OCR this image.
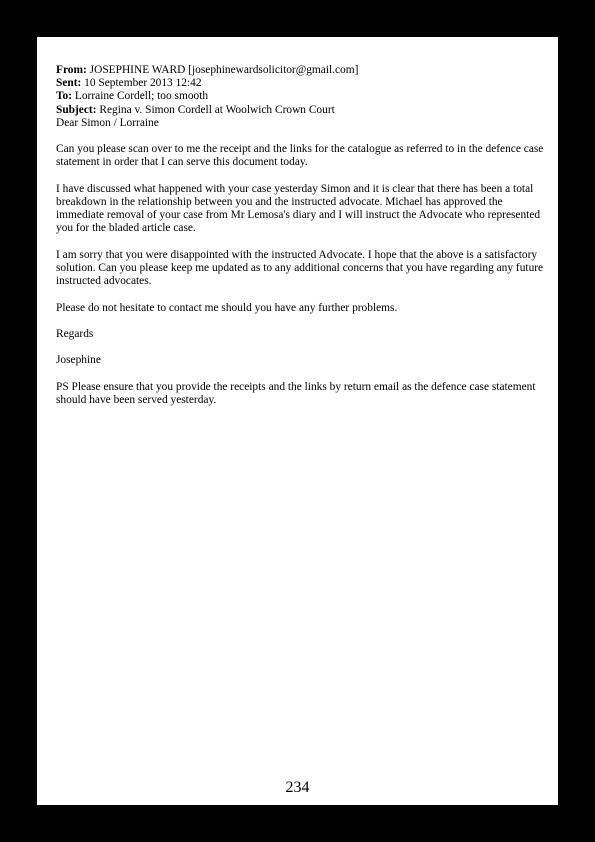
From: JOSEPHINE WARD [josephinewardsolicitor@gmail.com]
Sent: 10 September 2013 12:42
To: Lorraine Cordell; too smooth
Subject: Regina v. Simon Cordell at Woolwich Crown Court
Dear Simon / Lorraine

Can you please scan over to me the receipt and the links for the catalogue as referred to in the defence case statement in order that I can serve this document today.

I have discussed what happened with your case yesterday Simon and it is clear that there has been a total breakdown in the relationship between you and the instructed advocate. Michael has approved the immediate removal of your case from Mr Lemosa's diary and I will instruct the Advocate who represented you for the bladed article case.

I am sorry that you were disappointed with the instructed Advocate. I hope that the above is a satisfactory solution. Can you please keep me updated as to any additional concerns that you have regarding any future instructed advocates.

Please do not hesitate to contact me should you have any further problems.

Regards

Josephine

PS Please ensure that you provide the receipts and the links by return email as the defence case statement should have been served yesterday.

234
